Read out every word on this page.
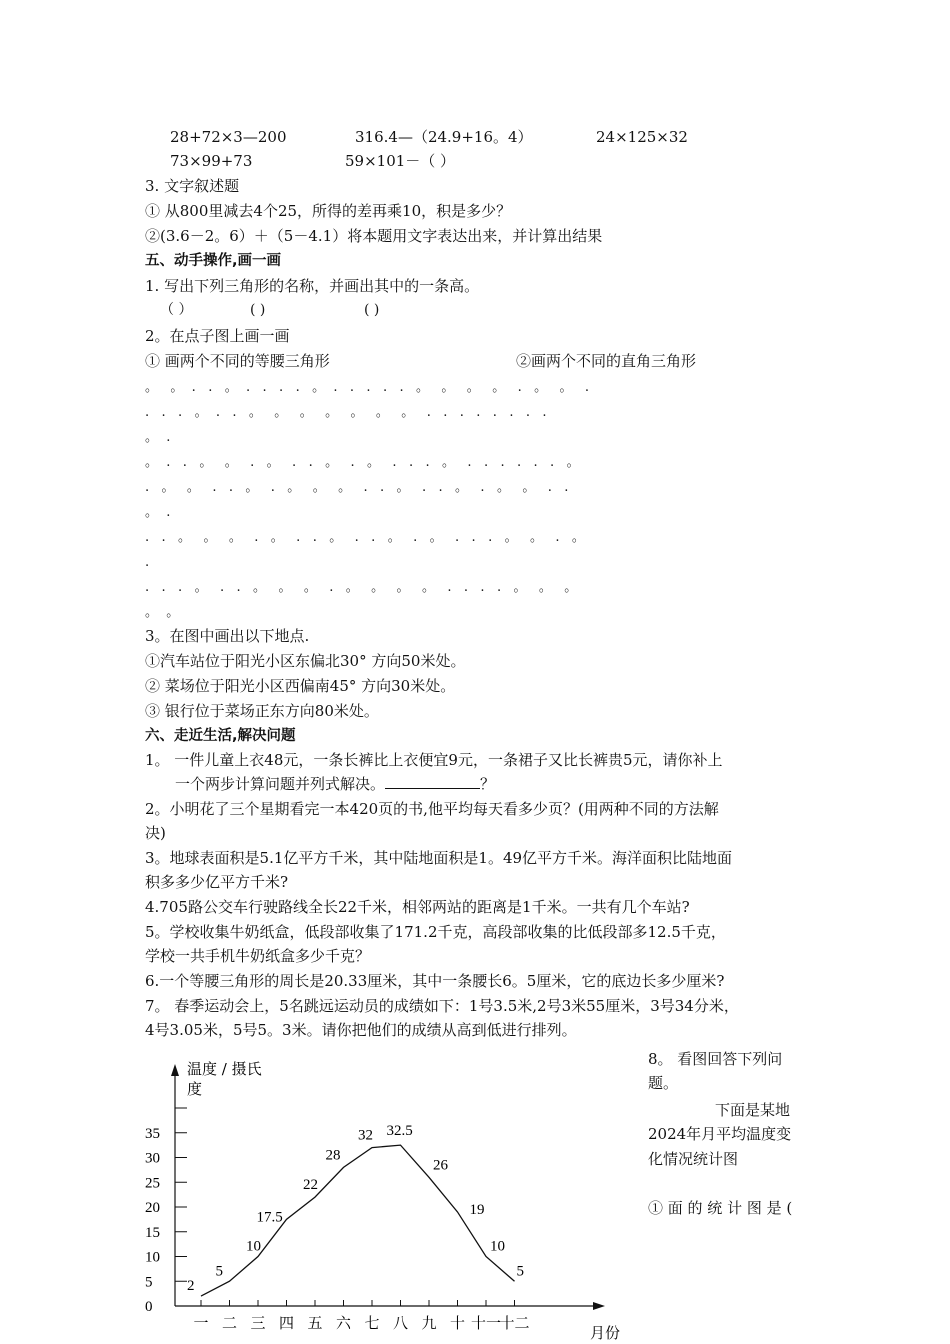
28+72×3—200	316.4—（24.9+16。4）	24×125×32
73×99+73	59×101－（ ）
3. 文字叙述题
① 从800里减去4个25，所得的差再乘10，积是多少？
②(3.6－2。6）＋（5－4.1）将本题用文字表达出来，并计算出结果
五、动手操作,画一画
1. 写出下列三角形的名称，并画出其中的一条高。
（ ）	( )	( )
2。在点子图上画一画
① 画两个不同的等腰三角形	②画两个不同的直角三角形
。   。  .   .   。  .   .   .   .   。  .   .   .   .   .   。   。   。   。   .   。   。   .
.   .   .   。  .   .   。   。   。   。   。   。   。   .   .   .   .   .   .   .   .
。  .
。  .   .   。   。   .   。   .   .   。   .   。   .   .   .   。   .   .   .   .   .   .   。
.   。   。   .   .   。   .   。   。   。   .   .   。   .   .   。   .   。   。   .   .
。  .
.   .   。   。   。   .   。   .   .   。   .   .   。   .   。   .   .   .   。   。   .   。
.
.   .   .   。   .   .   。   。   。   .   。   。   。   。   .   .   .   .   。   。   。
。  。
3。在图中画出以下地点.
①汽车站位于阳光小区东偏北30° 方向50米处。
② 菜场位于阳光小区西偏南45° 方向30米处。
③ 银行位于菜场正东方向80米处。
六、走近生活,解决问题
1。 一件儿童上衣48元，一条长裤比上衣便宜9元，一条裙子又比长裤贵5元，请你补上
一个两步计算问题并列式解决。	？
2。小明花了三个星期看完一本420页的书,他平均每天看多少页？(用两种不同的方法解
决)
3。地球表面积是5.1亿平方千米，其中陆地面积是1。49亿平方千米。海洋面积比陆地面
积多多少亿平方千米?
4.705路公交车行驶路线全长22千米，相邻两站的距离是1千米。一共有几个车站?
5。学校收集牛奶纸盒，低段部收集了171.2千克，高段部收集的比低段部多12.5千克，
学校一共手机牛奶纸盒多少千克？
6.一个等腰三角形的周长是20.33厘米，其中一条腰长6。5厘米，它的底边长多少厘米?
7。 春季运动会上，5名跳远运动员的成绩如下：1号3.5米,2号3米55厘米，3号34分米，
4号3.05米，5号5。3米。请你把他们的成绩从高到低进行排列。
8。 看图回答下列问
题。
下面是某地
2024年月平均温度变
化情况统计图
① 面 的 统 计 图 是 (
温度 / 摄氏
度
月份
0
5
10
15
20
25
30
35
一 二 三 四 五 六 七 八 九 十 十一
十二
2
5
10
17.5
22
28
32 32.5
26
19
10
5
